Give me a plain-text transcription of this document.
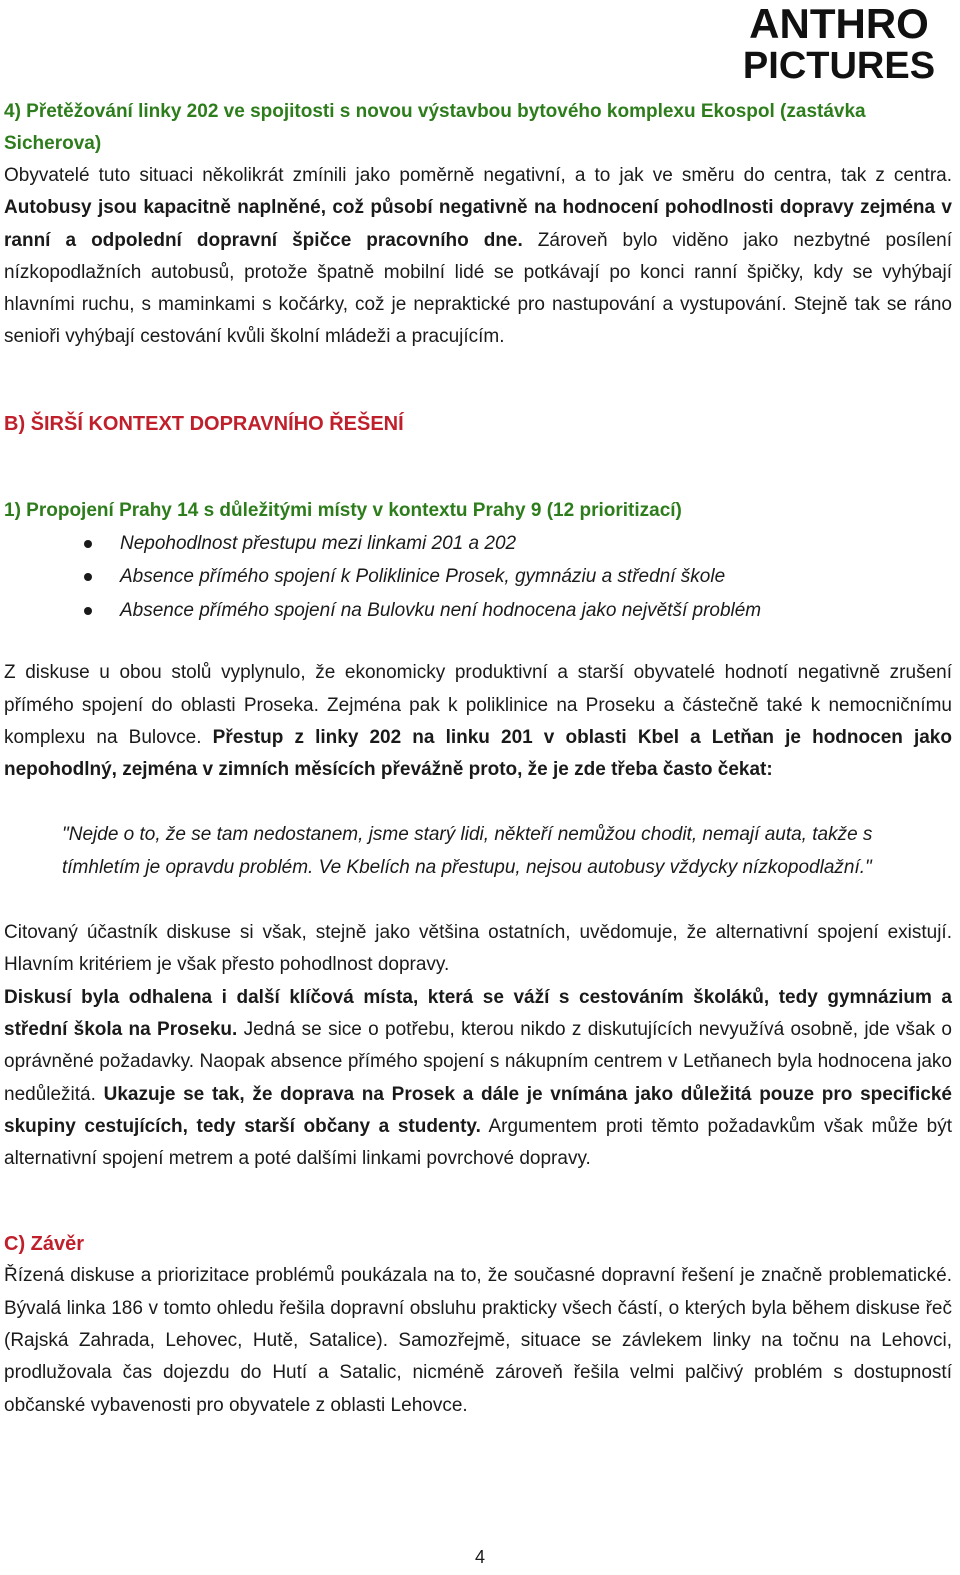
ANTHRO
PICTURES
4) Přetěžování linky 202 ve spojitosti s novou výstavbou bytového komplexu Ekospol (zastávka Sicherova)

Obyvatelé tuto situaci několikrát zmínili jako poměrně negativní, a to jak ve směru do centra, tak z centra. Autobusy jsou kapacitně naplněné, což působí negativně na hodnocení pohodlnosti dopravy zejména v ranní a odpolední dopravní špičce pracovního dne. Zároveň bylo viděno jako nezbytné posílení nízkopodlažních autobusů, protože špatně mobilní lidé se potkávají po konci ranní špičky, kdy se vyhýbají hlavními ruchu, s maminkami s kočárky, což je nepraktické pro nastupování a vystupování. Stejně tak se ráno senioři vyhýbají cestování kvůli školní mládeži a pracujícím.

B) ŠIRŠÍ KONTEXT DOPRAVNÍHO ŘEŠENÍ
1) Propojení Prahy 14 s důležitými místy v kontextu Prahy 9 (12 prioritizací)
Nepohodlnost přestupu mezi linkami 201 a 202
Absence přímého spojení k Poliklinice Prosek, gymnáziu a střední škole
Absence přímého spojení na Bulovku není hodnocena jako největší problém

Z diskuse u obou stolů vyplynulo, že ekonomicky produktivní a starší obyvatelé hodnotí negativně zrušení přímého spojení do oblasti Proseka. Zejména pak k poliklinice na Proseku a částečně také k nemocničnímu komplexu na Bulovce. Přestup z linky 202 na linku 201 v oblasti Kbel a Letňan je hodnocen jako nepohodlný, zejména v zimních měsících převážně proto, že je zde třeba často čekat:

"Nejde o to, že se tam nedostanem, jsme starý lidi, někteří nemůžou chodit, nemají auta, takže s tímhletím je opravdu problém. Ve Kbelích na přestupu, nejsou autobusy vždycky nízkopodlažní."

Citovaný účastník diskuse si však, stejně jako většina ostatních, uvědomuje, že alternativní spojení existují. Hlavním kritériem je však přesto pohodlnost dopravy.

Diskusí byla odhalena i další klíčová místa, která se váží s cestováním školáků, tedy gymnázium a střední škola na Proseku. Jedná se sice o potřebu, kterou nikdo z diskutujících nevyužívá osobně, jde však o oprávněné požadavky. Naopak absence přímého spojení s nákupním centrem v Letňanech byla hodnocena jako nedůležitá. Ukazuje se tak, že doprava na Prosek a dále je vnímána jako důležitá pouze pro specifické skupiny cestujících, tedy starší občany a studenty. Argumentem proti těmto požadavkům však může být alternativní spojení metrem a poté dalšími linkami povrchové dopravy.

C) Závěr

Řízená diskuse a priorizitace problémů poukázala na to, že současné dopravní řešení je značně problematické. Bývalá linka 186 v tomto ohledu řešila dopravní obsluhu prakticky všech částí, o kterých byla během diskuse řeč (Rajská Zahrada, Lehovec, Hutě, Satalice). Samozřejmě, situace se závlekem linky na točnu na Lehovci, prodlužovala čas dojezdu do Hutí a Satalic, nicméně zároveň řešila velmi palčivý problém s dostupností občanské vybavenosti pro obyvatele z oblasti Lehovce.

4
